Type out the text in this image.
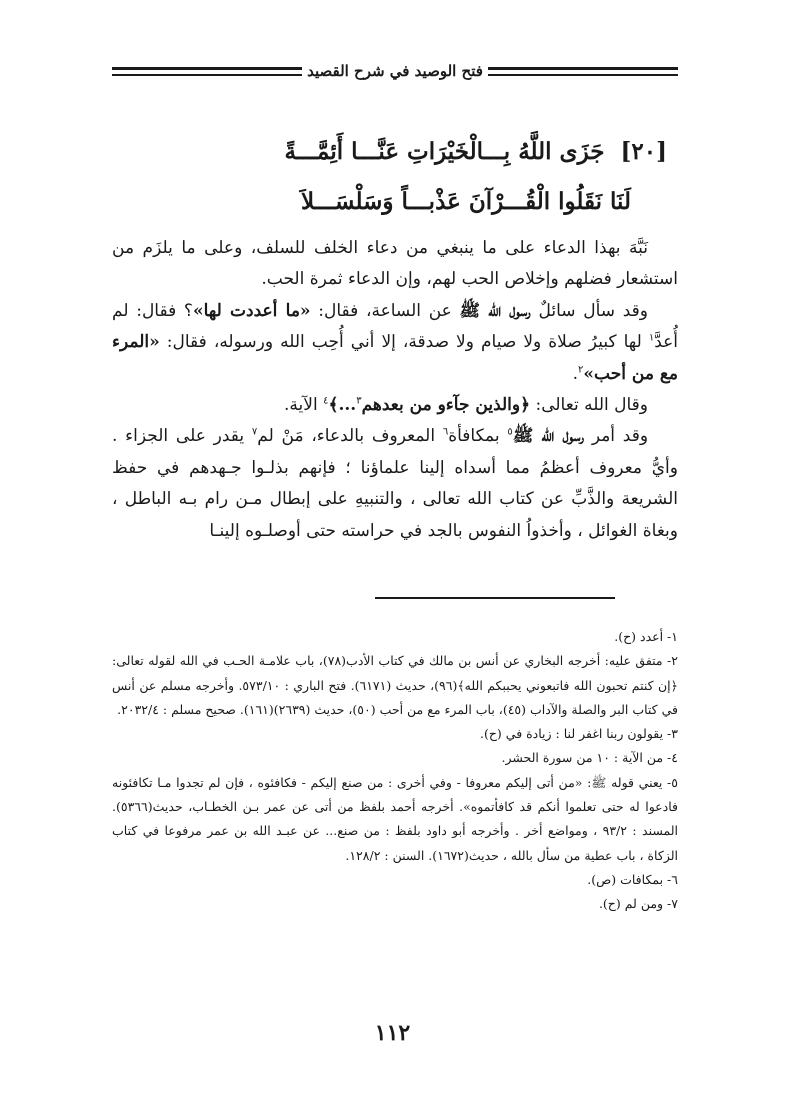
فتح الوصيد في شرح القصيد
[٢٠] جَزَى اللَّهُ بِـــالْخَيْرَاتِ عَنَّـــا أَئِمَّـــةً
لَنَا نَقَلُوا الْقُـــرْآنَ عَذْبـــاً وَسَلْسَـــلاَ

نَبَّهَ بهذا الدعاء على ما ينبغي من دعاء الخلف للسلف، وعلى ما يلزَم من استشعار فضلهم وإخلاص الحب لهم، وإن الدعاء ثمرة الحب.

وقد سأل سائلٌ رسول الله ﷺ عن الساعة، فقال: «ما أعددت لها»؟ فقال: لم أُعدَّ$^١$ لها كبيرُ صلاة ولا صيام ولا صدقة، إلا أني أُحِب الله ورسوله، فقال: «المرء مع من أحب»$^٢$.

وقال الله تعالى: ﴿والذين جآءو من بعدهم$^٣$...﴾$^٤$ الآية.

وقد أمر رسول الله ﷺ$^٥$ بمكافأة$^٦$ المعروف بالدعاء، مَنْ لم$^٧$ يقدر على الجزاء . وأيُّ معروف أعظمُ مما أسداه إلينا علماؤنا ؛ فإنهم بذلـوا جـهدهم في حفظ الشريعة والذَّبِّ عن كتاب الله تعالى ، والتنبيهِ على إبطال مـن رام بـه الباطل ، وبغاة الغوائل ، وأخذواُ النفوس بالجد في حراسته حتى أوصلـوه إلينـا

١- أعدد (ح).
٢- متفق عليه: أخرجه البخاري عن أنس بن مالك في كتاب الأدب(٧٨)، باب علامـة الحـب في الله لقوله تعالى: ﴿إن كنتم تحبون الله فاتبعوني يحببكم الله﴾(٩٦)، حديث (٦١٧١). فتح الباري : ٥٧٣/١٠. وأخرجه مسلم عن أنس في كتاب البر والصلة والآداب (٤٥)، باب المرء مع من أحب (٥٠)، حديث (٢٦٣٩)(١٦١). صحيح مسلم : ٢٠٣٢/٤.
٣- يقولون ربنا اغفر لنا : زيادة في (ح).
٤- من الآية : ١٠ من سورة الحشر.
٥- يعني قوله ﷺ: «من أتى إليكم معروفا - وفي أخرى : من صنع إليكم - فكافئوه ، فإن لم تجدوا مـا تكافئونه فادعوا له حتى تعلموا أنكم قد كافأتموه». أخرجه أحمد بلفظ من أتى عن عمر بـن الخطـاب، حديث(٥٣٦٦). المسند : ٩٣/٢ ، ومواضع أخر . وأخرجه أبو داود بلفظ : من صنع... عن عبـد الله بن عمر مرفوعا في كتاب الزكاة ، باب عطية من سأل بالله ، حديث(١٦٧٢). السنن : ١٢٨/٢.
٦- بمكافات (ص).
٧- ومن لم (ح).
١١٢
